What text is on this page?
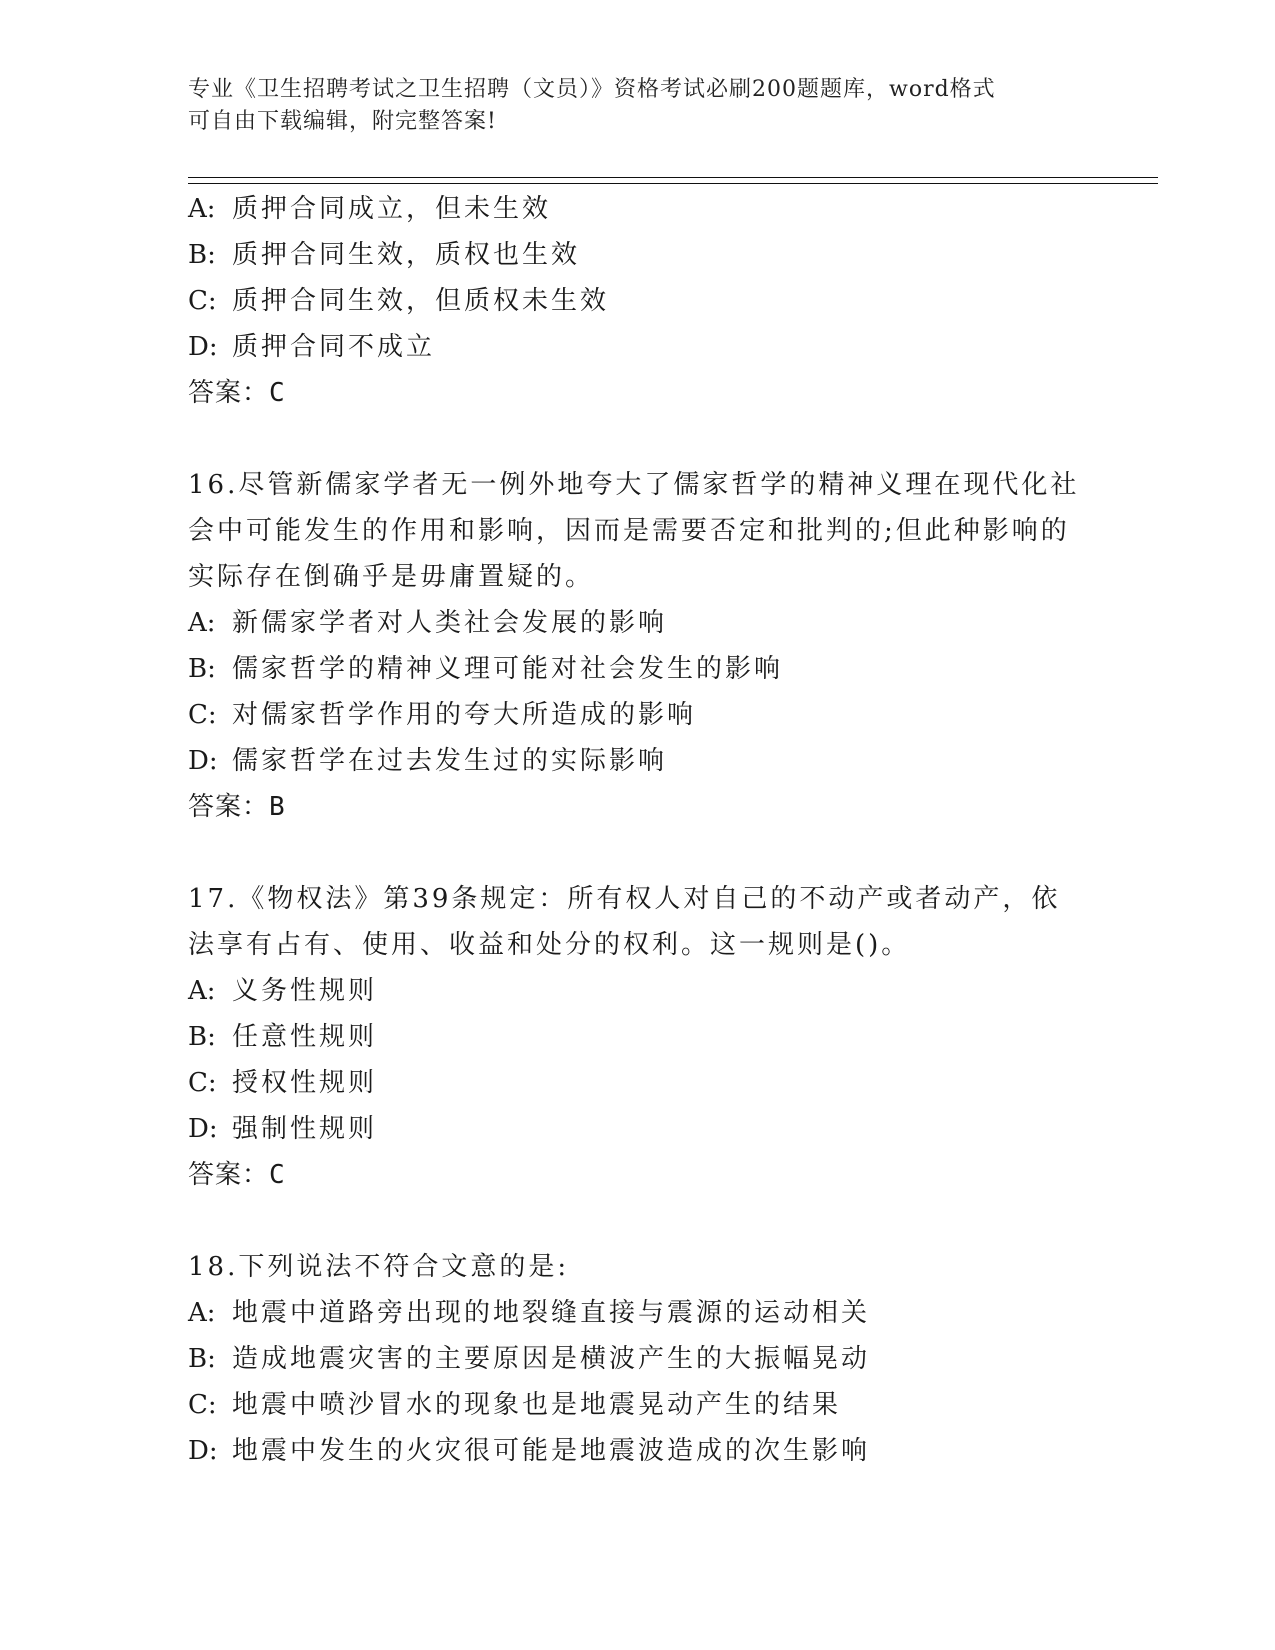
专业《卫生招聘考试之卫生招聘（文员）》资格考试必刷200题题库，word格式
可自由下载编辑，附完整答案!
A: 质押合同成立，但未生效
B: 质押合同生效，质权也生效
C: 质押合同生效，但质权未生效
D: 质押合同不成立
答案：C
16.尽管新儒家学者无一例外地夸大了儒家哲学的精神义理在现代化社
会中可能发生的作用和影响，因而是需要否定和批判的;但此种影响的
实际存在倒确乎是毋庸置疑的。
A: 新儒家学者对人类社会发展的影响
B: 儒家哲学的精神义理可能对社会发生的影响
C: 对儒家哲学作用的夸大所造成的影响
D: 儒家哲学在过去发生过的实际影响
答案：B
17.《物权法》第39条规定：所有权人对自己的不动产或者动产，依
法享有占有、使用、收益和处分的权利。这一规则是()。
A: 义务性规则
B: 任意性规则
C: 授权性规则
D: 强制性规则
答案：C
18.下列说法不符合文意的是:
A: 地震中道路旁出现的地裂缝直接与震源的运动相关
B: 造成地震灾害的主要原因是横波产生的大振幅晃动
C: 地震中喷沙冒水的现象也是地震晃动产生的结果
D: 地震中发生的火灾很可能是地震波造成的次生影响
